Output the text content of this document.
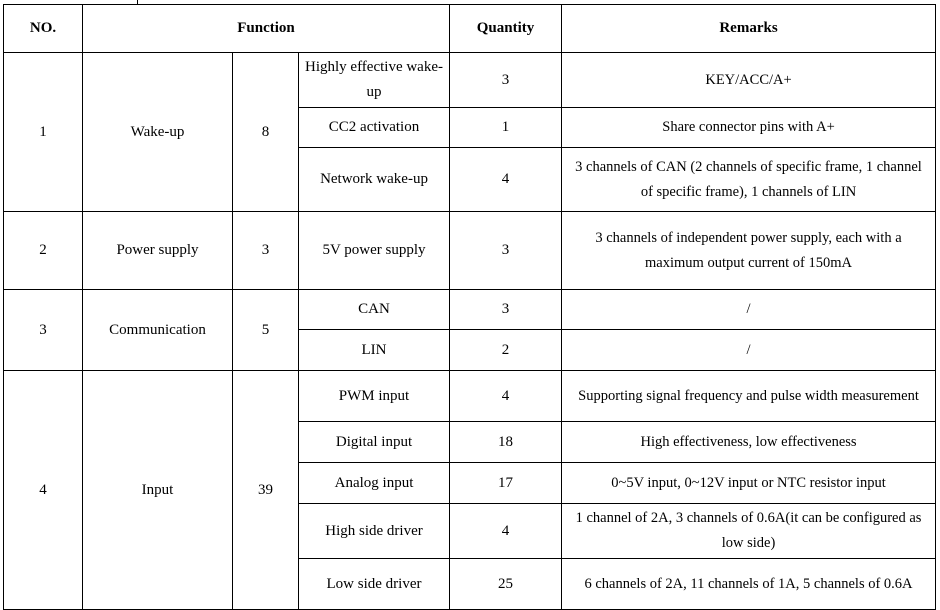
NO.	Function			Quantity	Remarks
1	Wake-up	8	Highly effective wake-up	3	KEY/ACC/A+
			CC2 activation	1	Share connector pins with A+
			Network wake-up	4	3 channels of CAN (2 channels of specific frame, 1 channel of specific frame), 1 channels of LIN
2	Power supply	3	5V power supply	3	3 channels of independent power supply, each with a maximum output current of 150mA
3	Communication	5	CAN	3	/
			LIN	2	/
4	Input	39	PWM input	4	Supporting signal frequency and pulse width measurement
			Digital input	18	High effectiveness, low effectiveness
			Analog input	17	0~5V input, 0~12V input or NTC resistor input
			High side driver	4	1 channel of 2A, 3 channels of 0.6A(it can be configured as low side)
			Low side driver	25	6 channels of 2A, 11 channels of 1A, 5 channels of 0.6A
